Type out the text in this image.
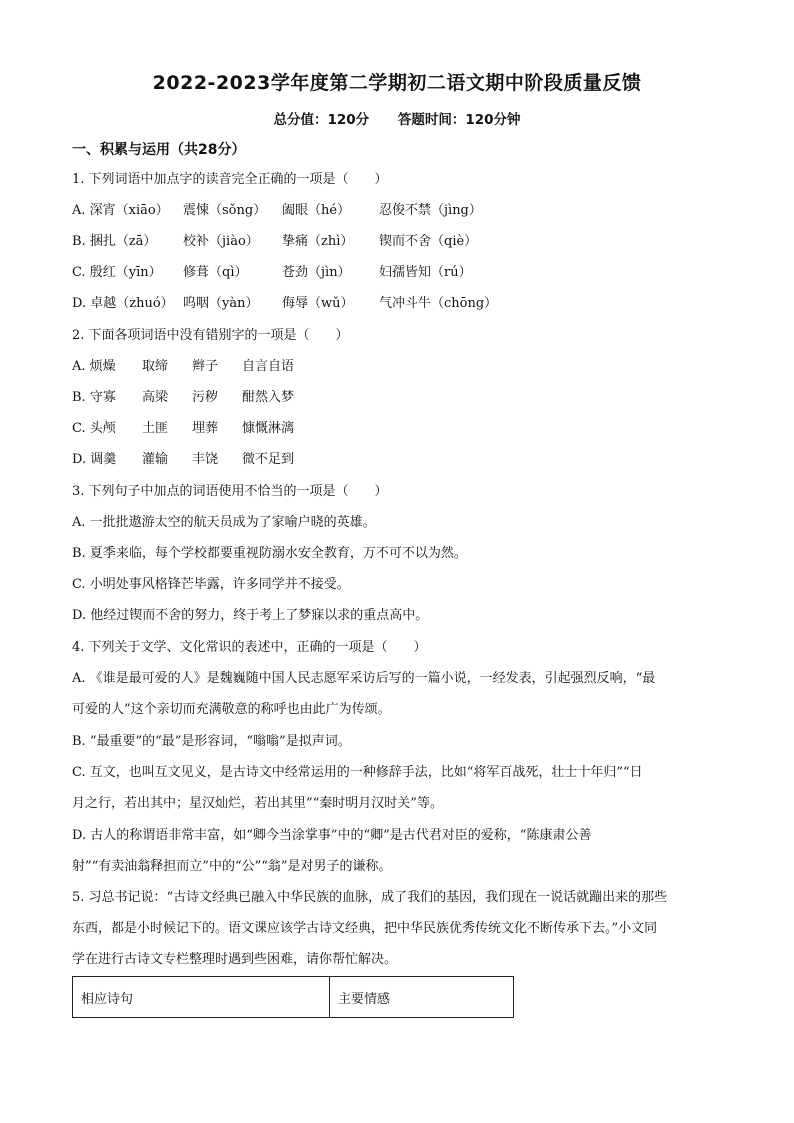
2022-2023学年度第二学期初二语文期中阶段质量反馈
总分值：120分 答题时间：120分钟
一、积累与运用（共28分）
1. 下列词语中加点字的读音完全正确的一项是（　　）
A. 深宵（xiāo） 震悚（sǒng） 阖眼（hé） 忍俊不禁（jìng）
B. 捆扎（zā） 校补（jiào） 挚痛（zhì） 锲而不舍（qiè）
C. 殷红（yīn） 修葺（qì）	苍劲（jìn） 妇孺皆知（rú）
D. 卓越（zhuó） 呜咽（yàn） 侮辱（wǔ） 气冲斗牛（chōng）
2. 下面各项词语中没有错别字的一项是（　　）
A. 烦燥 取缔 辫子 自言自语
B. 守寡 高梁 污秽 酣然入梦
C. 头颅 土匪 埋葬 慷慨淋漓
D. 调羹 灌输 丰饶 微不足到
3. 下列句子中加点的词语使用不恰当的一项是（　　）
A. 一批批遨游太空的航天员成为了家喻户晓的英雄。
B. 夏季来临，每个学校都要重视防溺水安全教育，万不可不以为然。
C. 小明处事风格锋芒毕露，许多同学并不接受。
D. 他经过锲而不舍的努力，终于考上了梦寐以求的重点高中。
4. 下列关于文学、文化常识的表述中，正确的一项是（　　）
A. 《谁是最可爱的人》是魏巍随中国人民志愿军采访后写的一篇小说，一经发表，引起强烈反响，“最
可爱的人”这个亲切而充满敬意的称呼也由此广为传颂。
B. “最重要”的“最”是形容词，“嗡嗡”是拟声词。
C. 互文，也叫互文见义，是古诗文中经常运用的一种修辞手法，比如“将军百战死，壮士十年归”“日
月之行，若出其中；星汉灿烂，若出其里”“秦时明月汉时关”等。
D. 古人的称谓语非常丰富，如“卿今当涂掌事”中的“卿”是古代君对臣的爱称，“陈康肃公善
射”“有卖油翁释担而立”中的“公”“翁”是对男子的谦称。
5. 习总书记说：“古诗文经典已融入中华民族的血脉，成了我们的基因，我们现在一说话就蹦出来的那些
东西，都是小时候记下的。语文课应该学古诗文经典，把中华民族优秀传统文化不断传承下去。”小文同
学在进行古诗文专栏整理时遇到些困难，请你帮忙解决。
相应诗句	主要情感
